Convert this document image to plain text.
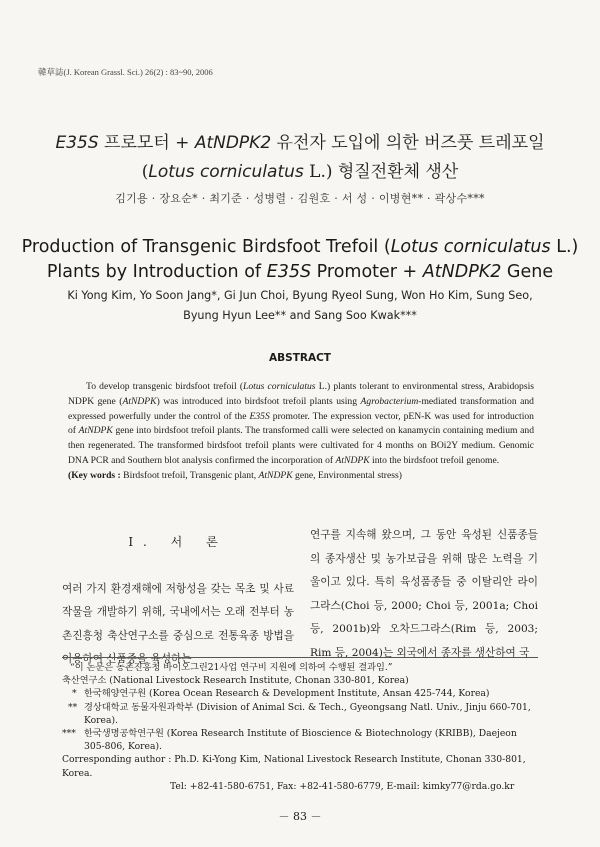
韓草誌(J. Korean Grassl. Sci.) 26(2) : 83~90, 2006
E35S 프로모터 + AtNDPK2 유전자 도입에 의한 버즈풋 트레포일
(Lotus corniculatus L.) 형질전환체 생산
김기용 · 장요순* · 최기준 · 성병렬 · 김원호 · 서 성 · 이병현** · 곽상수***
Production of Transgenic Birdsfoot Trefoil (Lotus corniculatus L.)
Plants by Introduction of E35S Promoter + AtNDPK2 Gene
Ki Yong Kim, Yo Soon Jang*, Gi Jun Choi, Byung Ryeol Sung, Won Ho Kim, Sung Seo,
Byung Hyun Lee** and Sang Soo Kwak***
ABSTRACT

To develop transgenic birdsfoot trefoil (Lotus corniculatus L.) plants tolerant to environmental stress, Arabidopsis NDPK gene (AtNDPK) was introduced into birdsfoot trefoil plants using Agrobacterium-mediated transformation and expressed powerfully under the control of the E35S promoter. The expression vector, pEN-K was used for introduction of AtNDPK gene into birdsfoot trefoil plants. The transformed calli were selected on kanamycin containing medium and then regenerated. The transformed birdsfoot trefoil plants were cultivated for 4 months on BOi2Y medium. Genomic DNA PCR and Southern blot analysis confirmed the incorporation of AtNDPK into the birdsfoot trefoil genome.

(Key words : Birdsfoot trefoil, Transgenic plant, AtNDPK gene, Environmental stress)
Ⅰ. 서 론

여러 가지 환경재해에 저항성을 갖는 목초 및 사료작물을 개발하기 위해, 국내에서는 오래 전부터 농촌진흥청 축산연구소를 중심으로 전통육종 방법을 이용하여 신품종을 육성하는

연구를 지속해 왔으며, 그 동안 육성된 신품종들의 종자생산 및 농가보급을 위해 많은 노력을 기울이고 있다. 특히 육성품종들 중 이탈리안 라이그라스(Choi 등, 2000; Choi 등, 2001a; Choi 등, 2001b)와 오차드그라스(Rim 등, 2003; Rim 등, 2004)는 외국에서 종자를 생산하여 국

“이 논문은 농촌진흥청 바이오그린21사업 연구비 지원에 의하여 수행된 결과임.”
축산연구소 (National Livestock Research Institute, Chonan 330-801, Korea)
* 한국해양연구원 (Korea Ocean Research & Development Institute, Ansan 425-744, Korea)
** 경상대학교 동물자원과학부 (Division of Animal Sci. & Tech., Gyeongsang Natl. Univ., Jinju 660-701, Korea).
*** 한국생명공학연구원 (Korea Research Institute of Bioscience & Biotechnology (KRIBB), Daejeon 305-806, Korea).
Corresponding author : Ph.D. Ki-Yong Kim, National Livestock Research Institute, Chonan 330-801, Korea.
Tel: +82-41-580-6751, Fax: +82-41-580-6779, E-mail: kimky77@rda.go.kr
－ 83 －
